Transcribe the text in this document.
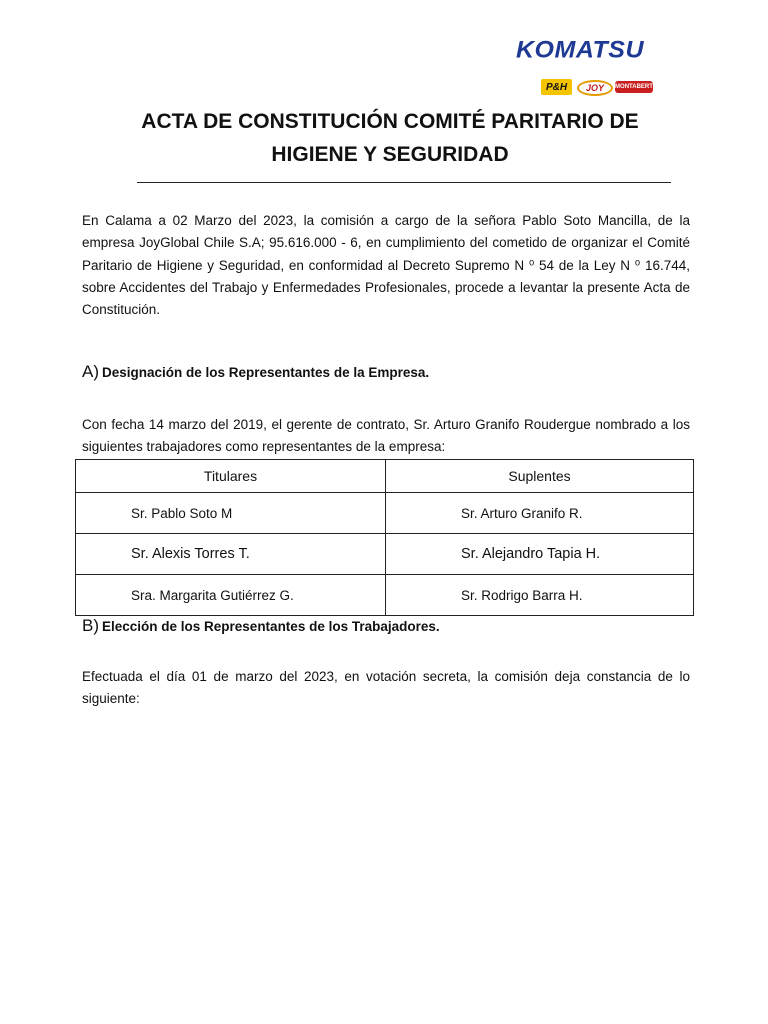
KOMATSU
P&H	JOY	MONTABERT
ACTA DE CONSTITUCIÓN COMITÉ PARITARIO DE HIGIENE Y SEGURIDAD
En Calama a 02 Marzo del 2023, la comisión a cargo de la señora Pablo Soto Mancilla, de la empresa JoyGlobal Chile S.A; 95.616.000 - 6, en cumplimiento del cometido de organizar el Comité Paritario de Higiene y Seguridad, en conformidad al Decreto Supremo N ⁰ 54 de la Ley N ⁰ 16.744, sobre Accidentes del Trabajo y Enfermedades Profesionales, procede a levantar la presente Acta de Constitución.
A) Designación de los Representantes de la Empresa.
Con fecha 14 marzo del 2019, el gerente de contrato, Sr. Arturo Granifo Roudergue nombrado a los siguientes trabajadores como representantes de la empresa:
Titulares	Suplentes
Sr. Pablo Soto M	Sr. Arturo Granifo R.
Sr. Alexis Torres T.	Sr. Alejandro Tapia H.
Sra. Margarita Gutiérrez G.	Sr. Rodrigo Barra H.
B) Elección de los Representantes de los Trabajadores.
Efectuada el día 01 de marzo del 2023, en votación secreta, la comisión deja constancia de lo siguiente:
